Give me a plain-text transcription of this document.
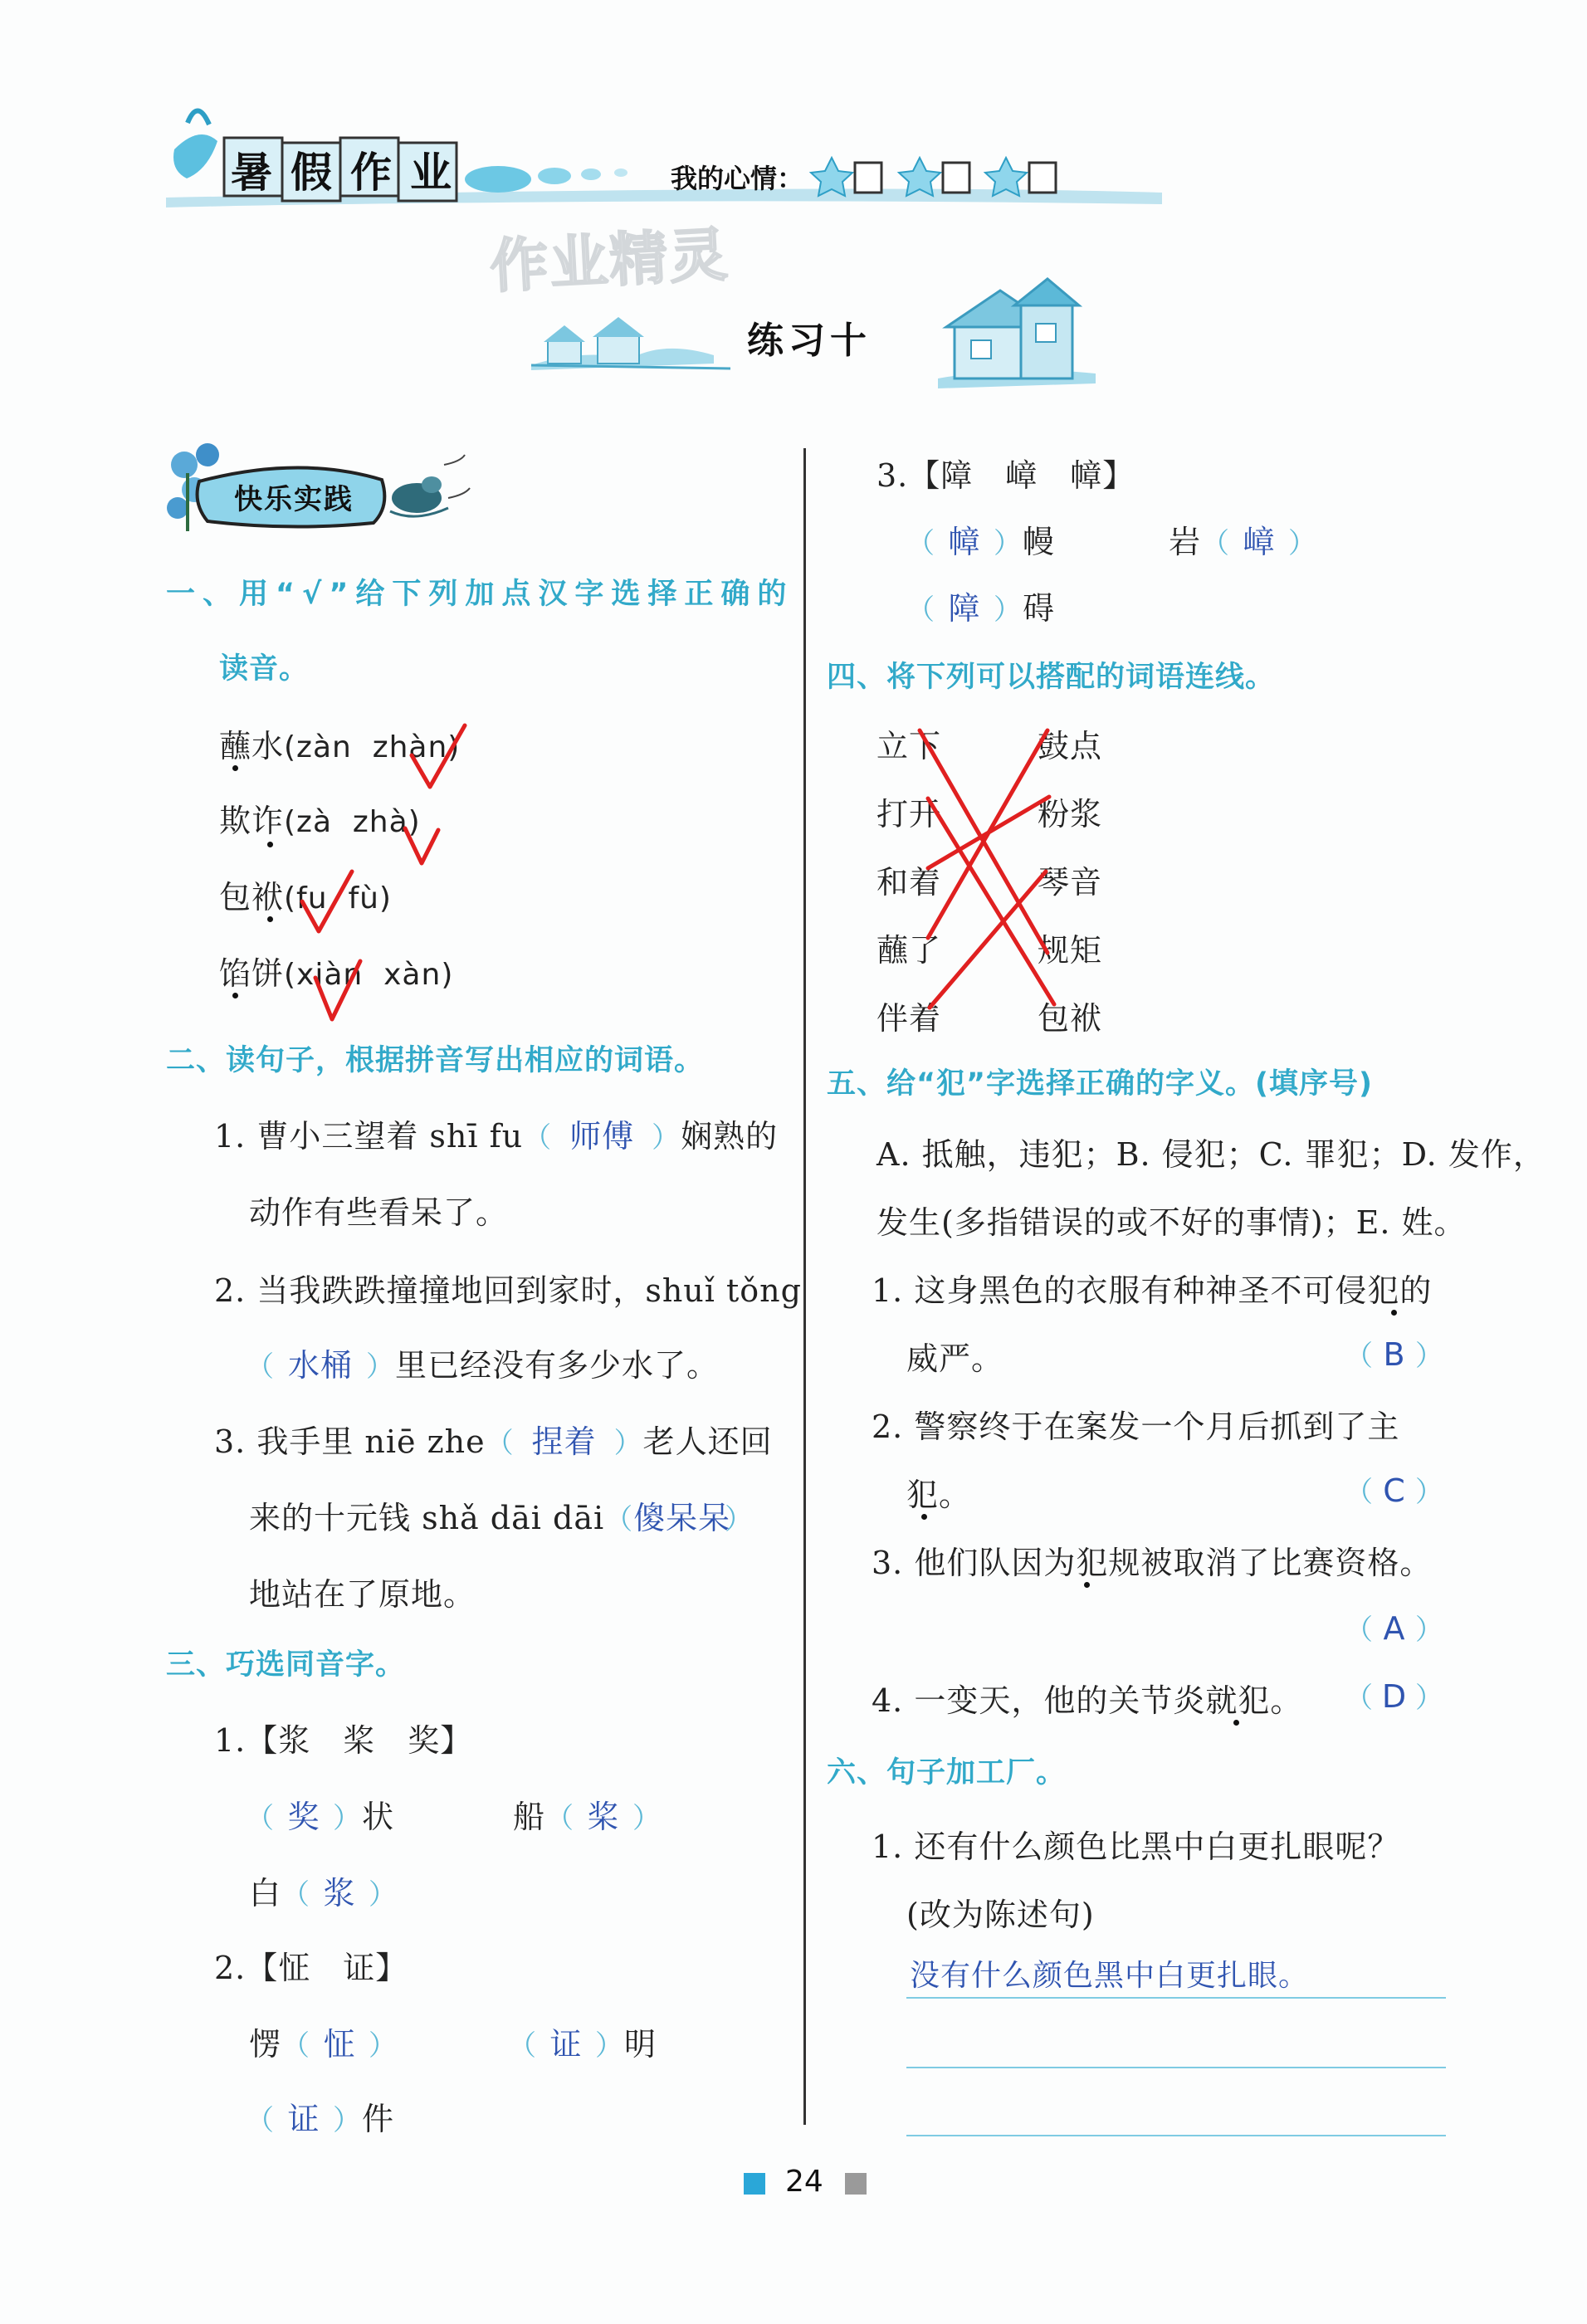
暑假作业	我的心情：
作业精灵
练习十
快乐实践
一、用“√”给下列加点汉字选择正确的
读音。
蘸水(zàn  zhàn)
欺诈(zà  zhà)
包袱(fu  fù)
馅饼(xiàn  xàn)
二、读句子，根据拼音写出相应的词语。
1. 曹小三望着 shī fu（ 师傅 ）娴熟的
动作有些看呆了。
2. 当我跌跌撞撞地回到家时，shuǐ tǒng
（ 水桶 ）里已经没有多少水了。
3. 我手里 niē zhe（ 捏着 ）老人还回
来的十元钱 shǎ dāi dāi（傻呆呆）
地站在了原地。
三、巧选同音字。
1.【浆　桨　奖】
（ 奖 ）状	船（ 桨 ）
白（ 浆 ）
2.【怔　证】
愣（ 怔 ）	（ 证 ）明
（ 证 ）件
3.【障　嶂　幛】
（ 幛 ）幔	岩（ 嶂 ）
（ 障 ）碍
四、将下列可以搭配的词语连线。
立下
打开
和着
蘸了
伴着
鼓点
粉浆
琴音
规矩
包袱
五、给“犯”字选择正确的字义。(填序号)
A. 抵触，违犯；B. 侵犯；C. 罪犯；D. 发作，
发生(多指错误的或不好的事情)；E. 姓。
1. 这身黑色的衣服有种神圣不可侵犯的
威严。	（ B ）
2. 警察终于在案发一个月后抓到了主
犯。	（ C ）
3. 他们队因为犯规被取消了比赛资格。
（ A ）
4. 一变天，他的关节炎就犯。 （ D ）
六、句子加工厂。
1. 还有什么颜色比黑中白更扎眼呢？
(改为陈述句)
没有什么颜色黑中白更扎眼。
24
